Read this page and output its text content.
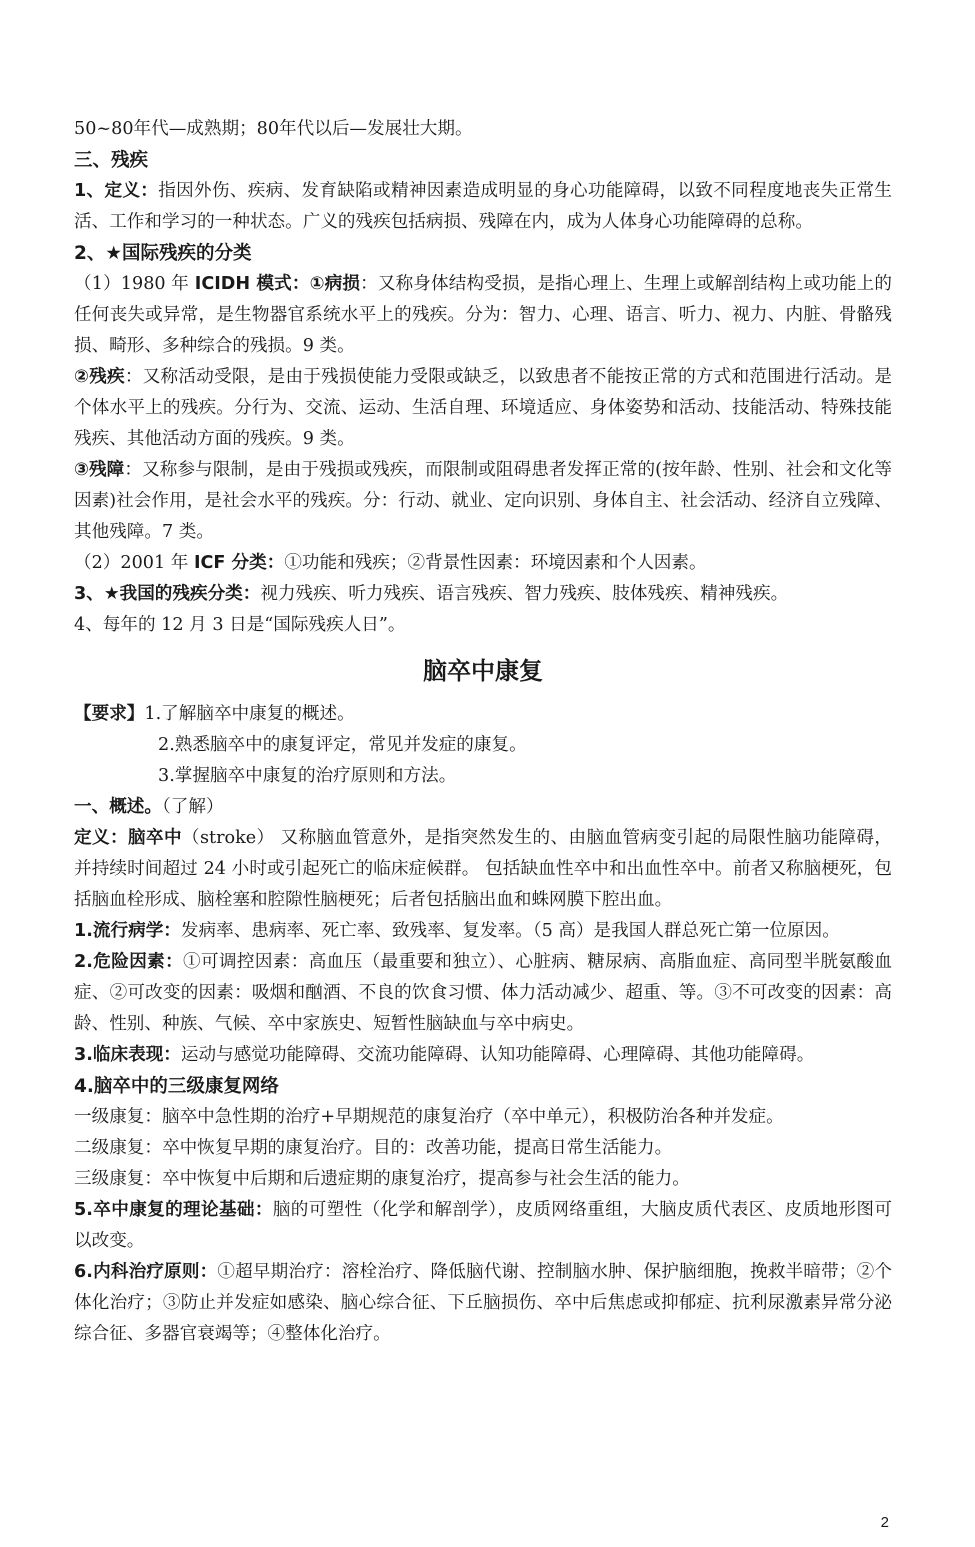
50~80年代—成熟期；80年代以后—发展壮大期。

三、残疾

1、定义：指因外伤、疾病、发育缺陷或精神因素造成明显的身心功能障碍，以致不同程度地丧失正常生活、工作和学习的一种状态。广义的残疾包括病损、残障在内，成为人体身心功能障碍的总称。

2、★国际残疾的分类

（1）1980 年 ICIDH 模式：①病损：又称身体结构受损，是指心理上、生理上或解剖结构上或功能上的任何丧失或异常，是生物器官系统水平上的残疾。分为：智力、心理、语言、听力、视力、内脏、骨骼残损、畸形、多种综合的残损。9 类。

②残疾：又称活动受限，是由于残损使能力受限或缺乏，以致患者不能按正常的方式和范围进行活动。是个体水平上的残疾。分行为、交流、运动、生活自理、环境适应、身体姿势和活动、技能活动、特殊技能残疾、其他活动方面的残疾。9 类。

③残障：又称参与限制，是由于残损或残疾，而限制或阻碍患者发挥正常的(按年龄、性别、社会和文化等因素)社会作用，是社会水平的残疾。分：行动、就业、定向识别、身体自主、社会活动、经济自立残障、其他残障。7 类。

（2）2001 年 ICF 分类：①功能和残疾；②背景性因素：环境因素和个人因素。

3、★我国的残疾分类：视力残疾、听力残疾、语言残疾、智力残疾、肢体残疾、精神残疾。

4、每年的 12 月 3 日是“国际残疾人日”。

脑卒中康复

【要求】1.了解脑卒中康复的概述。

2.熟悉脑卒中的康复评定，常见并发症的康复。

3.掌握脑卒中康复的治疗原则和方法。

一、概述。（了解）

定义：脑卒中（stroke） 又称脑血管意外，是指突然发生的、由脑血管病变引起的局限性脑功能障碍，并持续时间超过 24 小时或引起死亡的临床症候群。 包括缺血性卒中和出血性卒中。前者又称脑梗死，包括脑血栓形成、脑栓塞和腔隙性脑梗死；后者包括脑出血和蛛网膜下腔出血。

1.流行病学：发病率、患病率、死亡率、致残率、复发率。（5 高）是我国人群总死亡第一位原因。

2.危险因素：①可调控因素：高血压（最重要和独立）、心脏病、糖尿病、高脂血症、高同型半胱氨酸血症、②可改变的因素：吸烟和酗酒、不良的饮食习惯、体力活动减少、超重、等。③不可改变的因素：高龄、性别、种族、气候、卒中家族史、短暂性脑缺血与卒中病史。

3.临床表现：运动与感觉功能障碍、交流功能障碍、认知功能障碍、心理障碍、其他功能障碍。

4.脑卒中的三级康复网络

一级康复：脑卒中急性期的治疗+早期规范的康复治疗（卒中单元），积极防治各种并发症。

二级康复：卒中恢复早期的康复治疗。目的：改善功能，提高日常生活能力。

三级康复：卒中恢复中后期和后遗症期的康复治疗，提高参与社会生活的能力。

5.卒中康复的理论基础：脑的可塑性（化学和解剖学），皮质网络重组，大脑皮质代表区、皮质地形图可以改变。

6.内科治疗原则：①超早期治疗：溶栓治疗、降低脑代谢、控制脑水肿、保护脑细胞，挽救半暗带；②个体化治疗；③防止并发症如感染、脑心综合征、下丘脑损伤、卒中后焦虑或抑郁症、抗利尿激素异常分泌综合征、多器官衰竭等；④整体化治疗。

2
